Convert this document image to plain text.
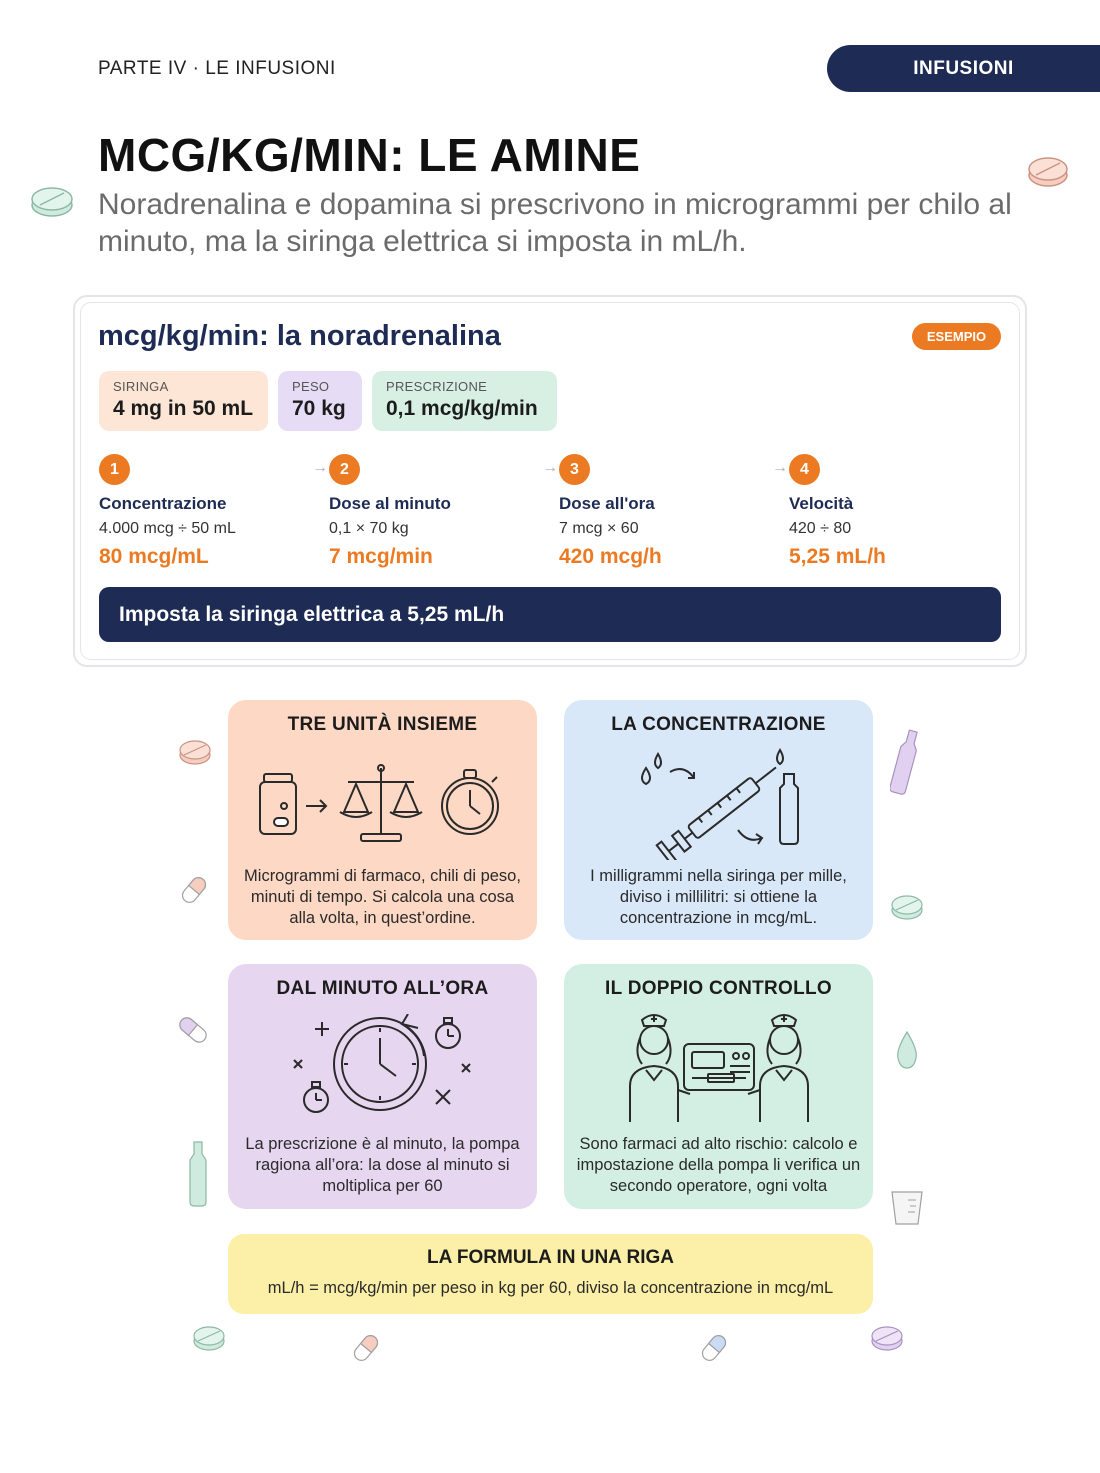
PARTE IV · LE INFUSIONI	INFUSIONI
MCG/KG/MIN: LE AMINE
Noradrenalina e dopamina si prescrivono in microgrammi per chilo al minuto, ma la siringa elettrica si imposta in mL/h.
mcg/kg/min: la noradrenalina	ESEMPIO
SIRINGA
4 mg in 50 mL
PESO
70 kg
PRESCRIZIONE
0,1 mcg/kg/min
1
Concentrazione
4.000 mcg ÷ 50 mL
80 mcg/mL
→ 2
Dose al minuto
0,1 × 70 kg
7 mcg/min
→ 3
Dose all'ora
7 mcg × 60
420 mcg/h
→ 4
Velocità
420 ÷ 80
5,25 mL/h
Imposta la siringa elettrica a 5,25 mL/h
TRE UNITÀ INSIEME
Microgrammi di farmaco, chili di peso, minuti di tempo. Si calcola una cosa alla volta, in quest’ordine.
LA CONCENTRAZIONE
I milligrammi nella siringa per mille, diviso i millilitri: si ottiene la concentrazione in mcg/mL.
DAL MINUTO ALL’ORA
La prescrizione è al minuto, la pompa ragiona all’ora: la dose al minuto si moltiplica per 60
IL DOPPIO CONTROLLO
Sono farmaci ad alto rischio: calcolo e impostazione della pompa li verifica un secondo operatore, ogni volta
LA FORMULA IN UNA RIGA
mL/h = mcg/kg/min per peso in kg per 60, diviso la concentrazione in mcg/mL
